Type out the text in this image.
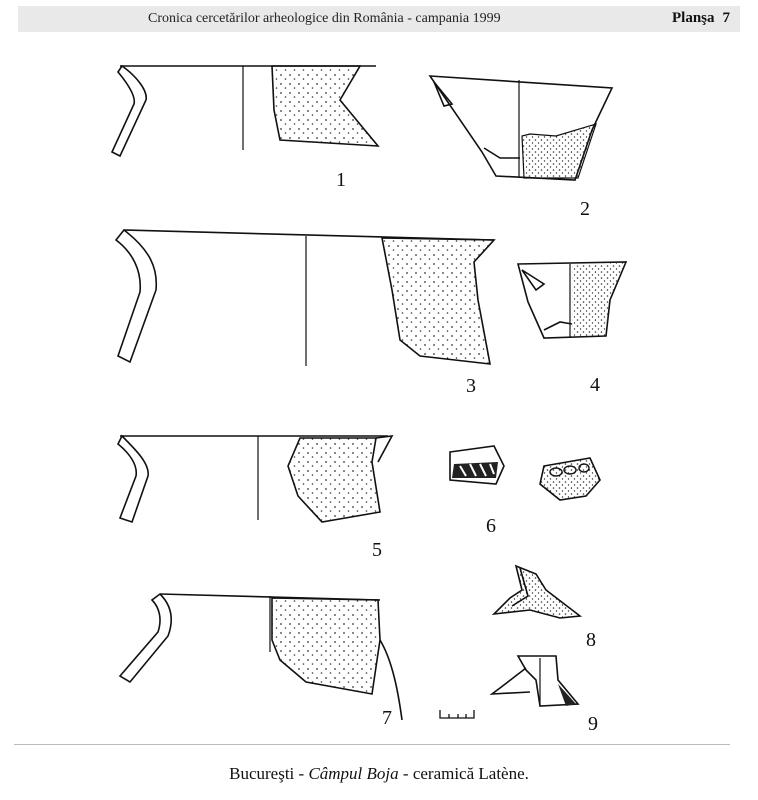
Cronica cercetărilor arheologice din România - campania 1999	Planşa 7
1
2
3	4
5
6
7
8
9
Bucureşti - Câmpul Boja - ceramică Latène.
